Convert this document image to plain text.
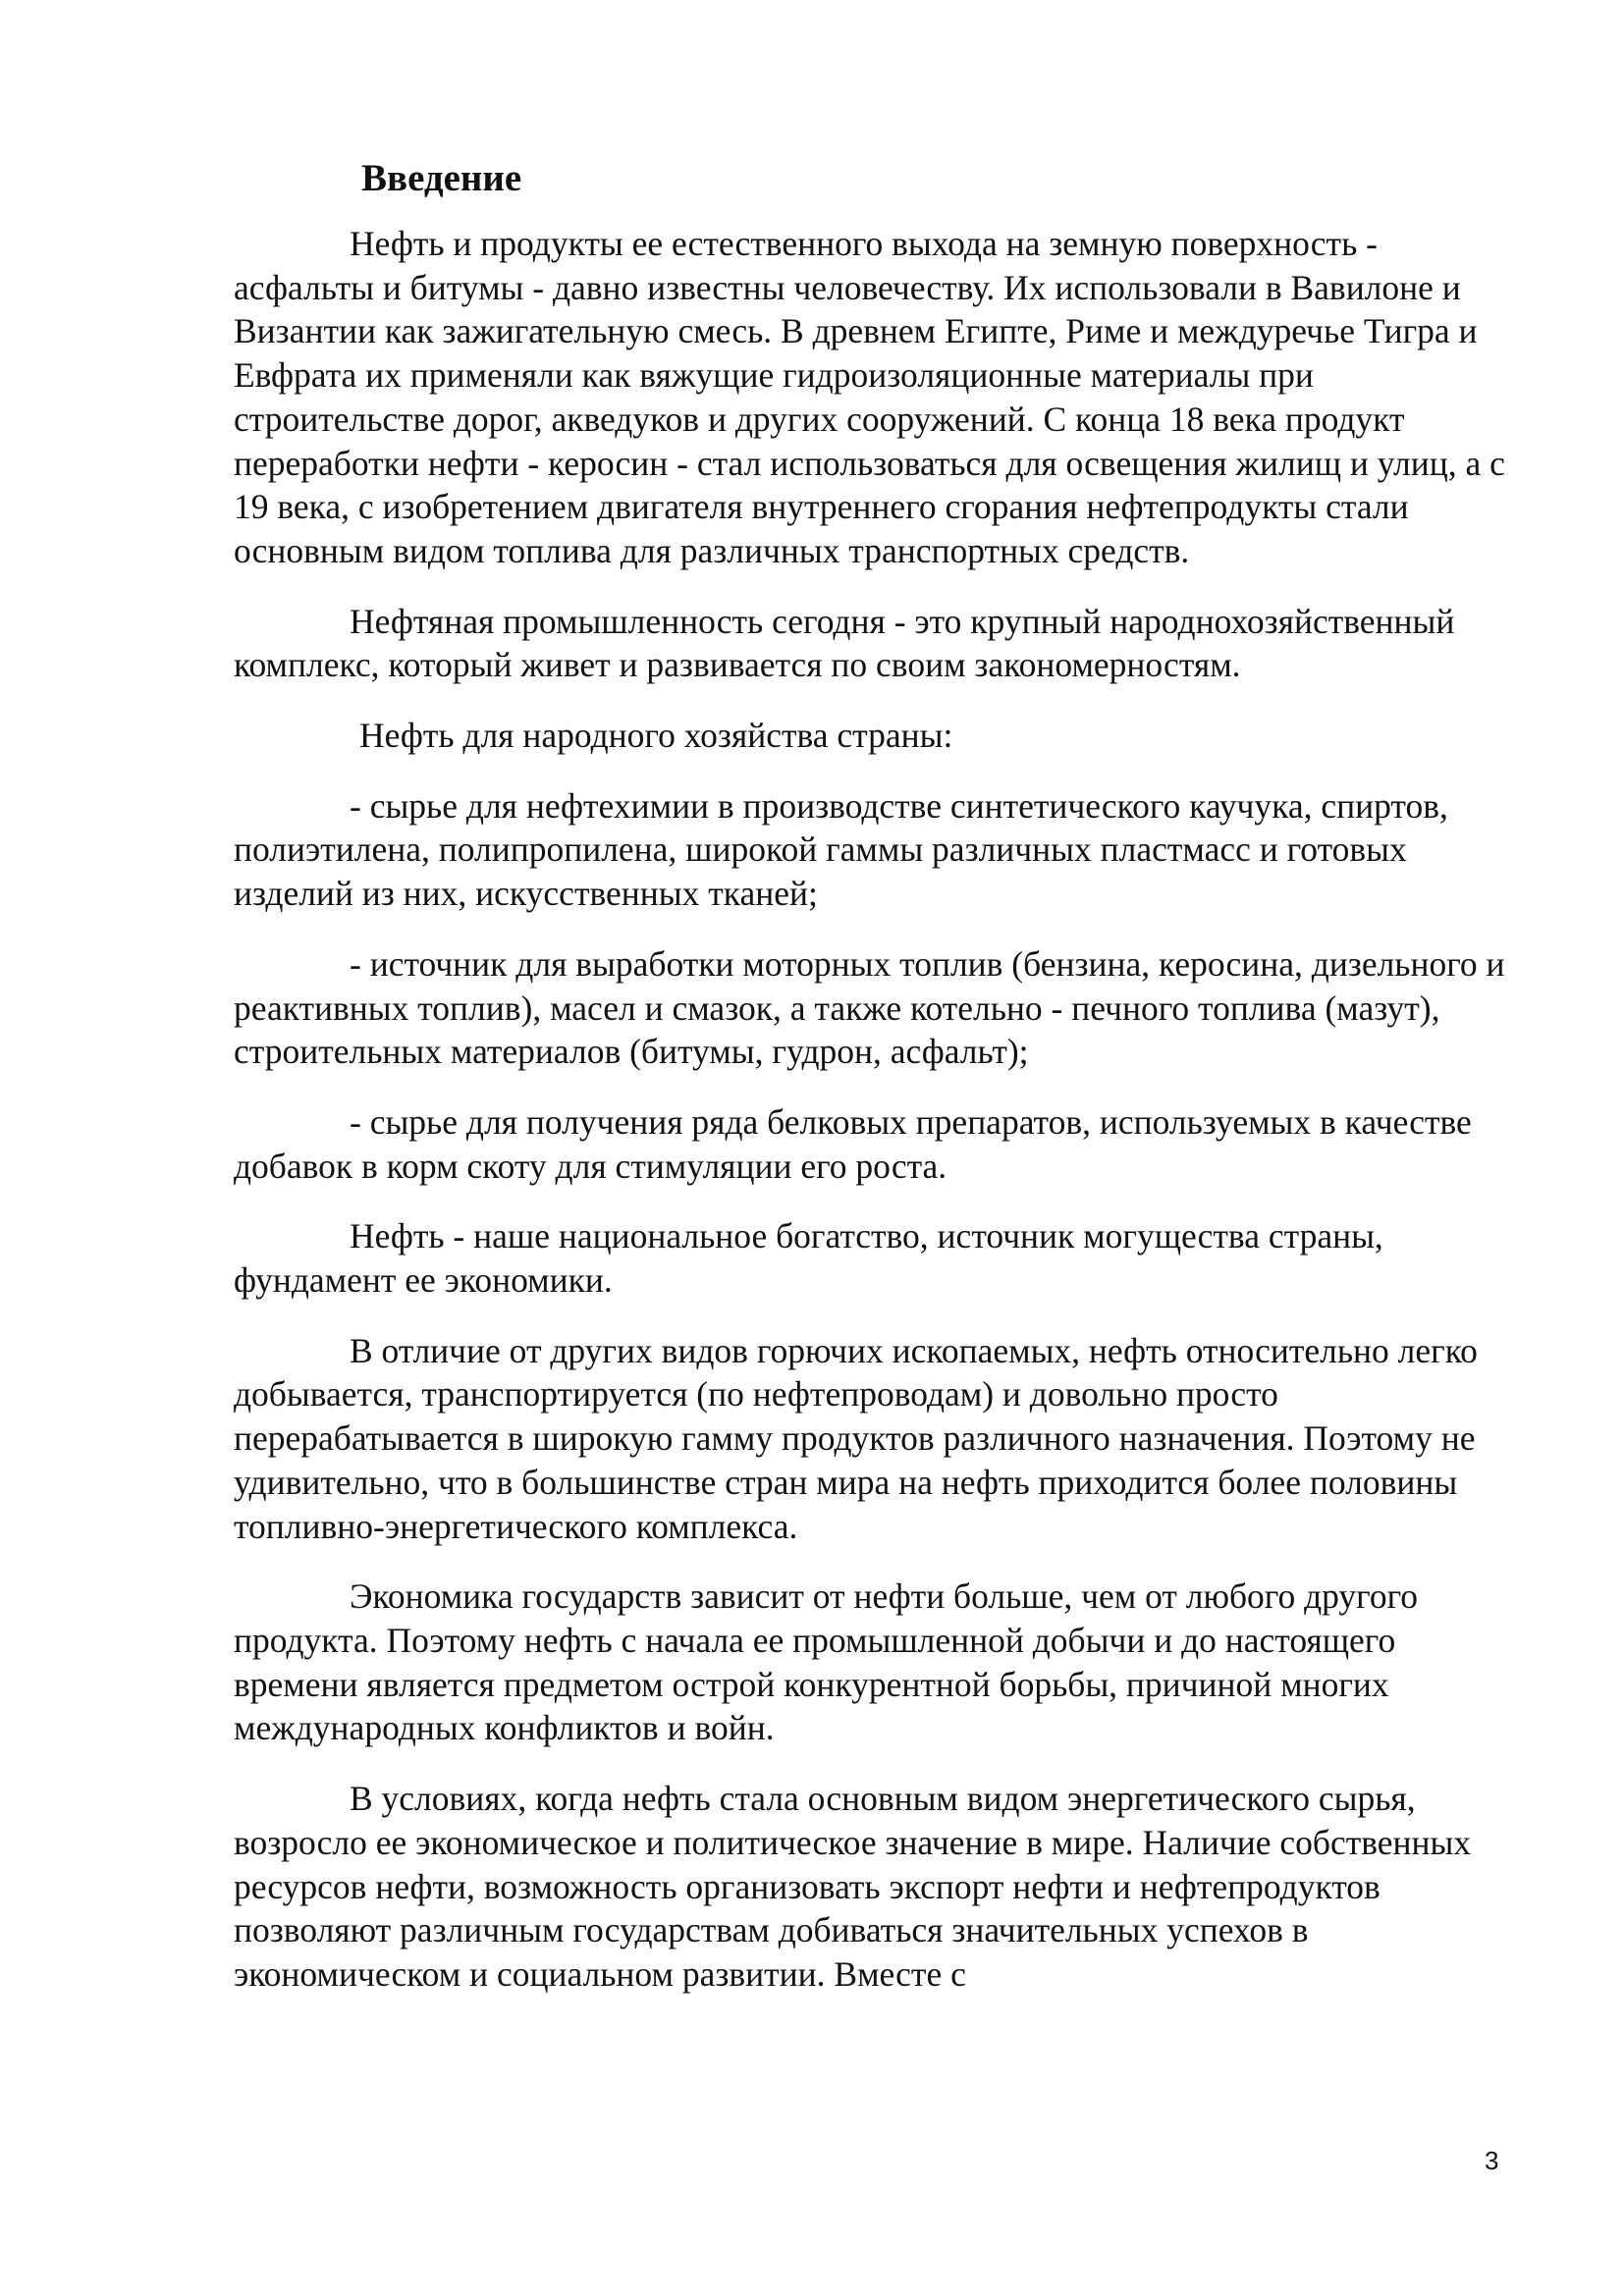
Введение

Нефть и продукты ее естественного выхода на земную поверхность - асфальты и битумы - давно известны человечеству. Их использовали в Вавилоне и Византии как зажигательную смесь. В древнем Египте, Риме и междуречье Тигра и Евфрата их применяли как вяжущие гидроизоляционные материалы при строительстве дорог, акведуков и других сооружений. С конца 18 века продукт переработки нефти - керосин - стал использоваться для освещения жилищ и улиц, а с 19 века, с изобретением двигателя внутреннего сгорания нефтепродукты стали основным видом топлива для различных транспортных средств.

Нефтяная промышленность сегодня - это крупный народнохозяйственный комплекс, который живет и развивается по своим закономерностям.

Нефть для народного хозяйства страны:

- сырье для нефтехимии в производстве синтетического каучука, спиртов, полиэтилена, полипропилена, широкой гаммы различных пластмасс и готовых изделий из них, искусственных тканей;

- источник для выработки моторных топлив (бензина, керосина, дизельного и реактивных топлив), масел и смазок, а также котельно - печного топлива (мазут), строительных материалов (битумы, гудрон, асфальт);

- сырье для получения ряда белковых препаратов, используемых в качестве добавок в корм скоту для стимуляции его роста.

Нефть - наше национальное богатство, источник могущества страны, фундамент ее экономики.

В отличие от других видов горючих ископаемых, нефть относительно легко добывается, транспортируется (по нефтепроводам) и довольно просто перерабатывается в широкую гамму продуктов различного назначения. Поэтому не удивительно, что в большинстве стран мира на нефть приходится более половины топливно-энергетического комплекса.

Экономика государств зависит от нефти больше, чем от любого другого продукта. Поэтому нефть с начала ее промышленной добычи и до настоящего времени является предметом острой конкурентной борьбы, причиной многих международных конфликтов и войн.

В условиях, когда нефть стала основным видом энергетического сырья, возросло ее экономическое и политическое значение в мире. Наличие собственных ресурсов нефти, возможность организовать экспорт нефти и нефтепродуктов позволяют различным государствам добиваться значительных успехов в экономическом и социальном развитии. Вместе с

3
